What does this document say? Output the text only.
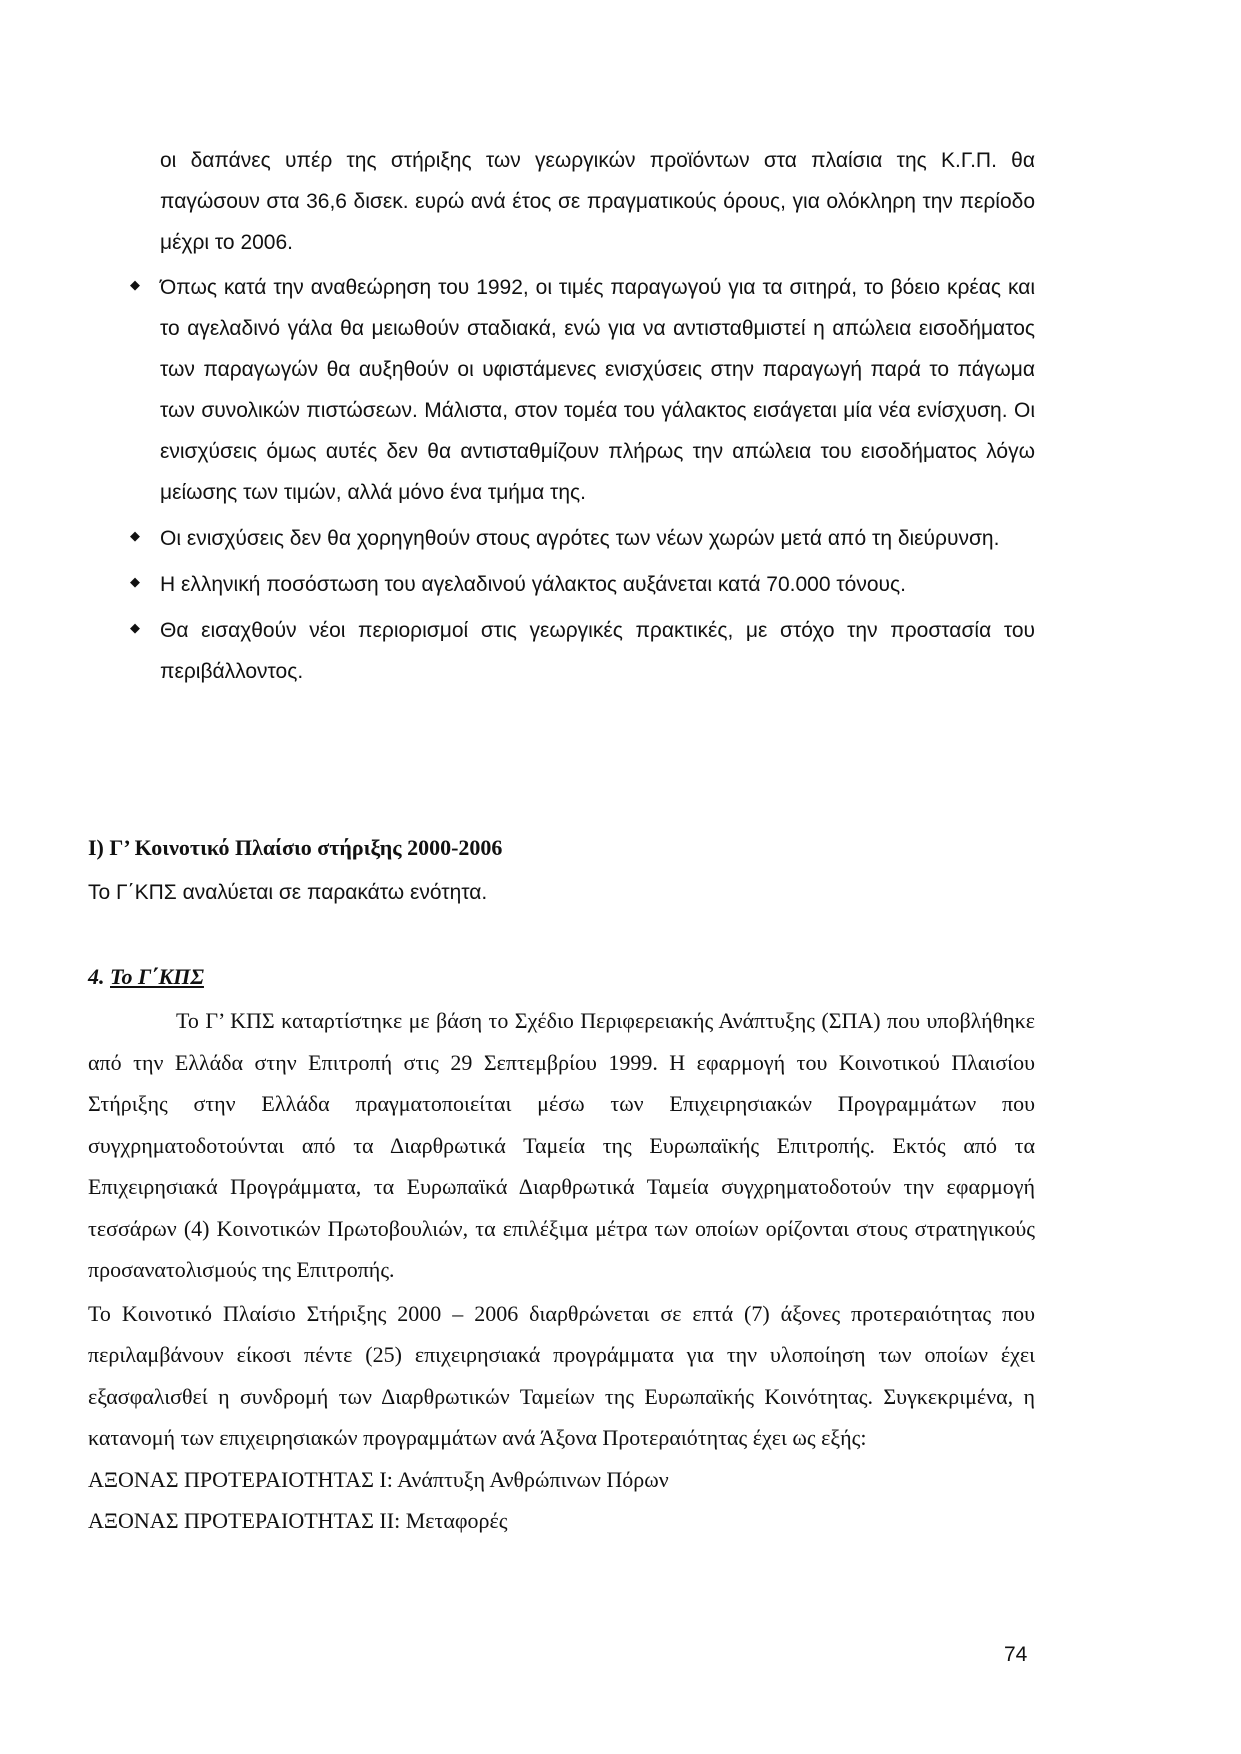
οι δαπάνες υπέρ της στήριξης των γεωργικών προϊόντων στα πλαίσια της Κ.Γ.Π. θα παγώσουν στα 36,6 δισεκ. ευρώ ανά έτος σε πραγματικούς όρους, για ολόκληρη την περίοδο μέχρι το 2006.
◆ Όπως κατά την αναθεώρηση του 1992, οι τιμές παραγωγού για τα σιτηρά, το βόειο κρέας και το αγελαδινό γάλα θα μειωθούν σταδιακά, ενώ για να αντισταθμιστεί η απώλεια εισοδήματος των παραγωγών θα αυξηθούν οι υφιστάμενες ενισχύσεις στην παραγωγή παρά το πάγωμα των συνολικών πιστώσεων. Μάλιστα, στον τομέα του γάλακτος εισάγεται μία νέα ενίσχυση. Οι ενισχύσεις όμως αυτές δεν θα αντισταθμίζουν πλήρως την απώλεια του εισοδήματος λόγω μείωσης των τιμών, αλλά μόνο ένα τμήμα της.
◆ Οι ενισχύσεις δεν θα χορηγηθούν στους αγρότες των νέων χωρών μετά από τη διεύρυνση.
◆ Η ελληνική ποσόστωση του αγελαδινού γάλακτος αυξάνεται κατά 70.000 τόνους.
◆ Θα εισαχθούν νέοι περιορισμοί στις γεωργικές πρακτικές, με στόχο την προστασία του περιβάλλοντος.
Ι) Γ’ Κοινοτικό Πλαίσιο στήριξης 2000-2006
Το Γ΄ΚΠΣ αναλύεται σε παρακάτω ενότητα.
4. Το Γ΄ΚΠΣ

Το Γ’ ΚΠΣ καταρτίστηκε με βάση το Σχέδιο Περιφερειακής Ανάπτυξης (ΣΠΑ) που υποβλήθηκε από την Ελλάδα στην Επιτροπή στις 29 Σεπτεμβρίου 1999. Η εφαρμογή του Κοινοτικού Πλαισίου Στήριξης στην Ελλάδα πραγματοποιείται μέσω των Επιχειρησιακών Προγραμμάτων που συγχρηματοδοτούνται από τα Διαρθρωτικά Ταμεία της Ευρωπαϊκής Επιτροπής. Εκτός από τα Επιχειρησιακά Προγράμματα, τα Ευρωπαϊκά Διαρθρωτικά Ταμεία συγχρηματοδοτούν την εφαρμογή τεσσάρων (4) Κοινοτικών Πρωτοβουλιών, τα επιλέξιμα μέτρα των οποίων ορίζονται στους στρατηγικούς προσανατολισμούς της Επιτροπής.

Το Κοινοτικό Πλαίσιο Στήριξης 2000 – 2006 διαρθρώνεται σε επτά (7) άξονες προτεραιότητας που περιλαμβάνουν είκοσι πέντε (25) επιχειρησιακά προγράμματα για την υλοποίηση των οποίων έχει εξασφαλισθεί η συνδρομή των Διαρθρωτικών Ταμείων της Ευρωπαϊκής Κοινότητας. Συγκεκριμένα, η κατανομή των επιχειρησιακών προγραμμάτων ανά Άξονα Προτεραιότητας έχει ως εξής:

ΑΞΟΝΑΣ ΠΡΟΤΕΡΑΙΟΤΗΤΑΣ Ι: Ανάπτυξη Ανθρώπινων Πόρων
ΑΞΟΝΑΣ ΠΡΟΤΕΡΑΙΟΤΗΤΑΣ ΙΙ: Μεταφορές
74
